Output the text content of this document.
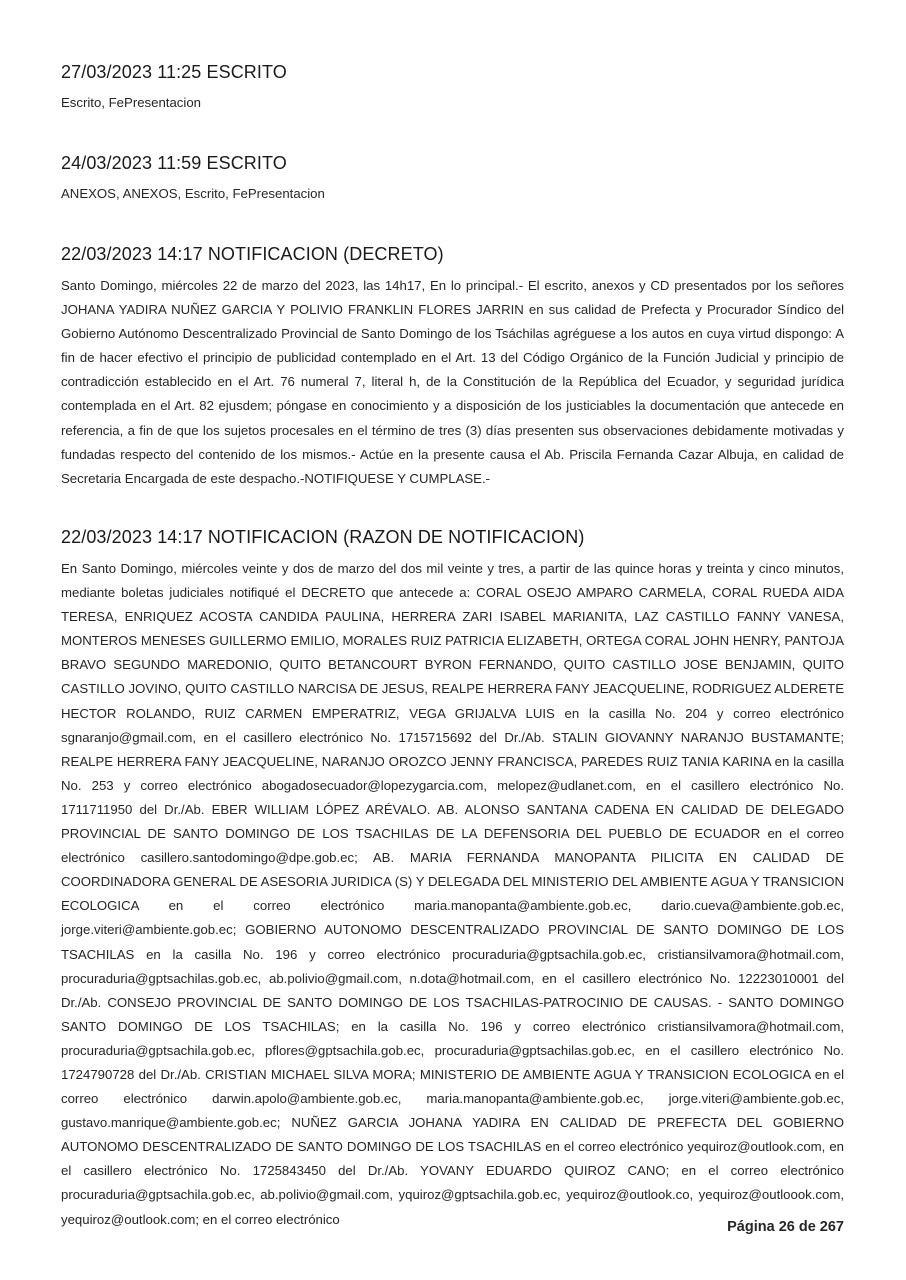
27/03/2023 11:25 ESCRITO

Escrito, FePresentacion

24/03/2023 11:59 ESCRITO

ANEXOS, ANEXOS, Escrito, FePresentacion

22/03/2023 14:17 NOTIFICACION (DECRETO)

Santo Domingo, miércoles 22 de marzo del 2023, las 14h17, En lo principal.- El escrito, anexos y CD presentados por los señores JOHANA YADIRA NUÑEZ GARCIA Y POLIVIO FRANKLIN FLORES JARRIN en sus calidad de Prefecta y Procurador Síndico del Gobierno Autónomo Descentralizado Provincial de Santo Domingo de los Tsáchilas agréguese a los autos en cuya virtud dispongo: A fin de hacer efectivo el principio de publicidad contemplado en el Art. 13 del Código Orgánico de la Función Judicial y principio de contradicción establecido en el Art. 76 numeral 7, literal h, de la Constitución de la República del Ecuador, y seguridad jurídica contemplada en el Art. 82 ejusdem; póngase en conocimiento y a disposición de los justiciables la documentación que antecede en referencia, a fin de que los sujetos procesales en el término de tres (3) días presenten sus observaciones debidamente motivadas y fundadas respecto del contenido de los mismos.- Actúe en la presente causa el Ab. Priscila Fernanda Cazar Albuja, en calidad de Secretaria Encargada de este despacho.-NOTIFIQUESE Y CUMPLASE.-

22/03/2023 14:17 NOTIFICACION (RAZON DE NOTIFICACION)

En Santo Domingo, miércoles veinte y dos de marzo del dos mil veinte y tres, a partir de las quince horas y treinta y cinco minutos, mediante boletas judiciales notifiqué el DECRETO que antecede a: CORAL OSEJO AMPARO CARMELA, CORAL RUEDA AIDA TERESA, ENRIQUEZ ACOSTA CANDIDA PAULINA, HERRERA ZARI ISABEL MARIANITA, LAZ CASTILLO FANNY VANESA, MONTEROS MENESES GUILLERMO EMILIO, MORALES RUIZ PATRICIA ELIZABETH, ORTEGA CORAL JOHN HENRY, PANTOJA BRAVO SEGUNDO MAREDONIO, QUITO BETANCOURT BYRON FERNANDO, QUITO CASTILLO JOSE BENJAMIN, QUITO CASTILLO JOVINO, QUITO CASTILLO NARCISA DE JESUS, REALPE HERRERA FANY JEACQUELINE, RODRIGUEZ ALDERETE HECTOR ROLANDO, RUIZ CARMEN EMPERATRIZ, VEGA GRIJALVA LUIS en la casilla No. 204 y correo electrónico sgnaranjo@gmail.com, en el casillero electrónico No. 1715715692 del Dr./Ab. STALIN GIOVANNY NARANJO BUSTAMANTE; REALPE HERRERA FANY JEACQUELINE, NARANJO OROZCO JENNY FRANCISCA, PAREDES RUIZ TANIA KARINA en la casilla No. 253 y correo electrónico abogadosecuador@lopezygarcia.com, melopez@udlanet.com, en el casillero electrónico No. 1711711950 del Dr./Ab. EBER WILLIAM LÓPEZ ARÉVALO. AB. ALONSO SANTANA CADENA EN CALIDAD DE DELEGADO PROVINCIAL DE SANTO DOMINGO DE LOS TSACHILAS DE LA DEFENSORIA DEL PUEBLO DE ECUADOR en el correo electrónico casillero.santodomingo@dpe.gob.ec; AB. MARIA FERNANDA MANOPANTA PILICITA EN CALIDAD DE COORDINADORA GENERAL DE ASESORIA JURIDICA (S) Y DELEGADA DEL MINISTERIO DEL AMBIENTE AGUA Y TRANSICION ECOLOGICA en el correo electrónico maria.manopanta@ambiente.gob.ec, dario.cueva@ambiente.gob.ec, jorge.viteri@ambiente.gob.ec; GOBIERNO AUTONOMO DESCENTRALIZADO PROVINCIAL DE SANTO DOMINGO DE LOS TSACHILAS en la casilla No. 196 y correo electrónico procuraduria@gptsachila.gob.ec, cristiansilvamora@hotmail.com, procuraduria@gptsachilas.gob.ec, ab.polivio@gmail.com, n.dota@hotmail.com, en el casillero electrónico No. 12223010001 del Dr./Ab. CONSEJO PROVINCIAL DE SANTO DOMINGO DE LOS TSACHILAS-PATROCINIO DE CAUSAS. - SANTO DOMINGO SANTO DOMINGO DE LOS TSACHILAS; en la casilla No. 196 y correo electrónico cristiansilvamora@hotmail.com, procuraduria@gptsachila.gob.ec, pflores@gptsachila.gob.ec, procuraduria@gptsachilas.gob.ec, en el casillero electrónico No. 1724790728 del Dr./Ab. CRISTIAN MICHAEL SILVA MORA; MINISTERIO DE AMBIENTE AGUA Y TRANSICION ECOLOGICA en el correo electrónico darwin.apolo@ambiente.gob.ec, maria.manopanta@ambiente.gob.ec, jorge.viteri@ambiente.gob.ec, gustavo.manrique@ambiente.gob.ec; NUÑEZ GARCIA JOHANA YADIRA EN CALIDAD DE PREFECTA DEL GOBIERNO AUTONOMO DESCENTRALIZADO DE SANTO DOMINGO DE LOS TSACHILAS en el correo electrónico yequiroz@outlook.com, en el casillero electrónico No. 1725843450 del Dr./Ab. YOVANY EDUARDO QUIROZ CANO; en el correo electrónico procuraduria@gptsachila.gob.ec, ab.polivio@gmail.com, yquiroz@gptsachila.gob.ec, yequiroz@outlook.co, yequiroz@outloook.com, yequiroz@outlook.com; en el correo electrónico	Página 26 de 267
